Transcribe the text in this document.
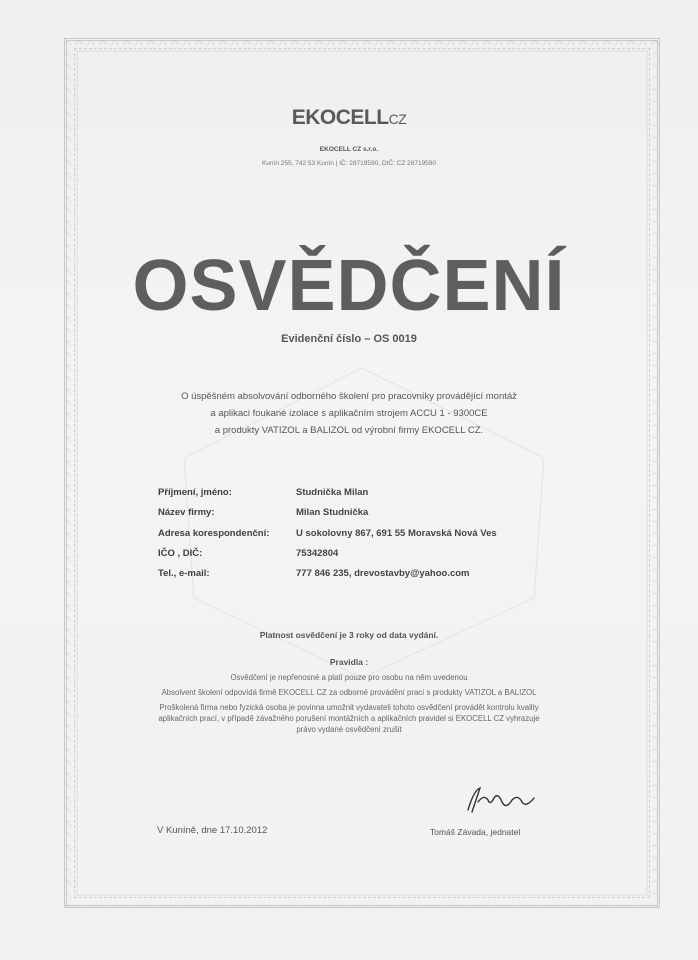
EKOCELLCZ
EKOCELL CZ s.r.o.
Kunín 255, 742 53 Kunín | IČ: 28719590, DIČ: CZ 28719590
OSVĚDČENÍ
Evidenční číslo – OS 0019
O úspěšném absolvování odborného školení pro pracovníky provádějící montáž
a aplikaci foukané izolace s aplikačním strojem ACCU 1 - 9300CE
a produkty VATIZOL a BALIZOL od výrobní firmy EKOCELL CZ.
Příjmení, jméno:	Studnička Milan
Název firmy:	Milan Studnička
Adresa korespondenční:	U sokolovny 867, 691 55 Moravská Nová Ves
IČO , DIČ:	75342804
Tel., e-mail:	777 846 235, drevostavby@yahoo.com
Platnost osvědčení je 3 roky od data vydání.
Pravidla :

Osvědčení je nepřenosné a platí pouze pro osobu na něm uvedenou

Absolvent školení odpovídá firmě EKOCELL CZ za odborné provádění prací s produkty VATIZOL a BALIZOL

Proškolená firma nebo fyzická osoba je povinna umožnit vydavateli tohoto osvědčení provádět kontrolu kvality aplikačních prací, v případě závažného porušení montážních a aplikačních pravidel si EKOCELL CZ vyhrazuje právo vydané osvědčení zrušit

V Kuníně, dne 17.10.2012	Tomáš Závada, jednatel
